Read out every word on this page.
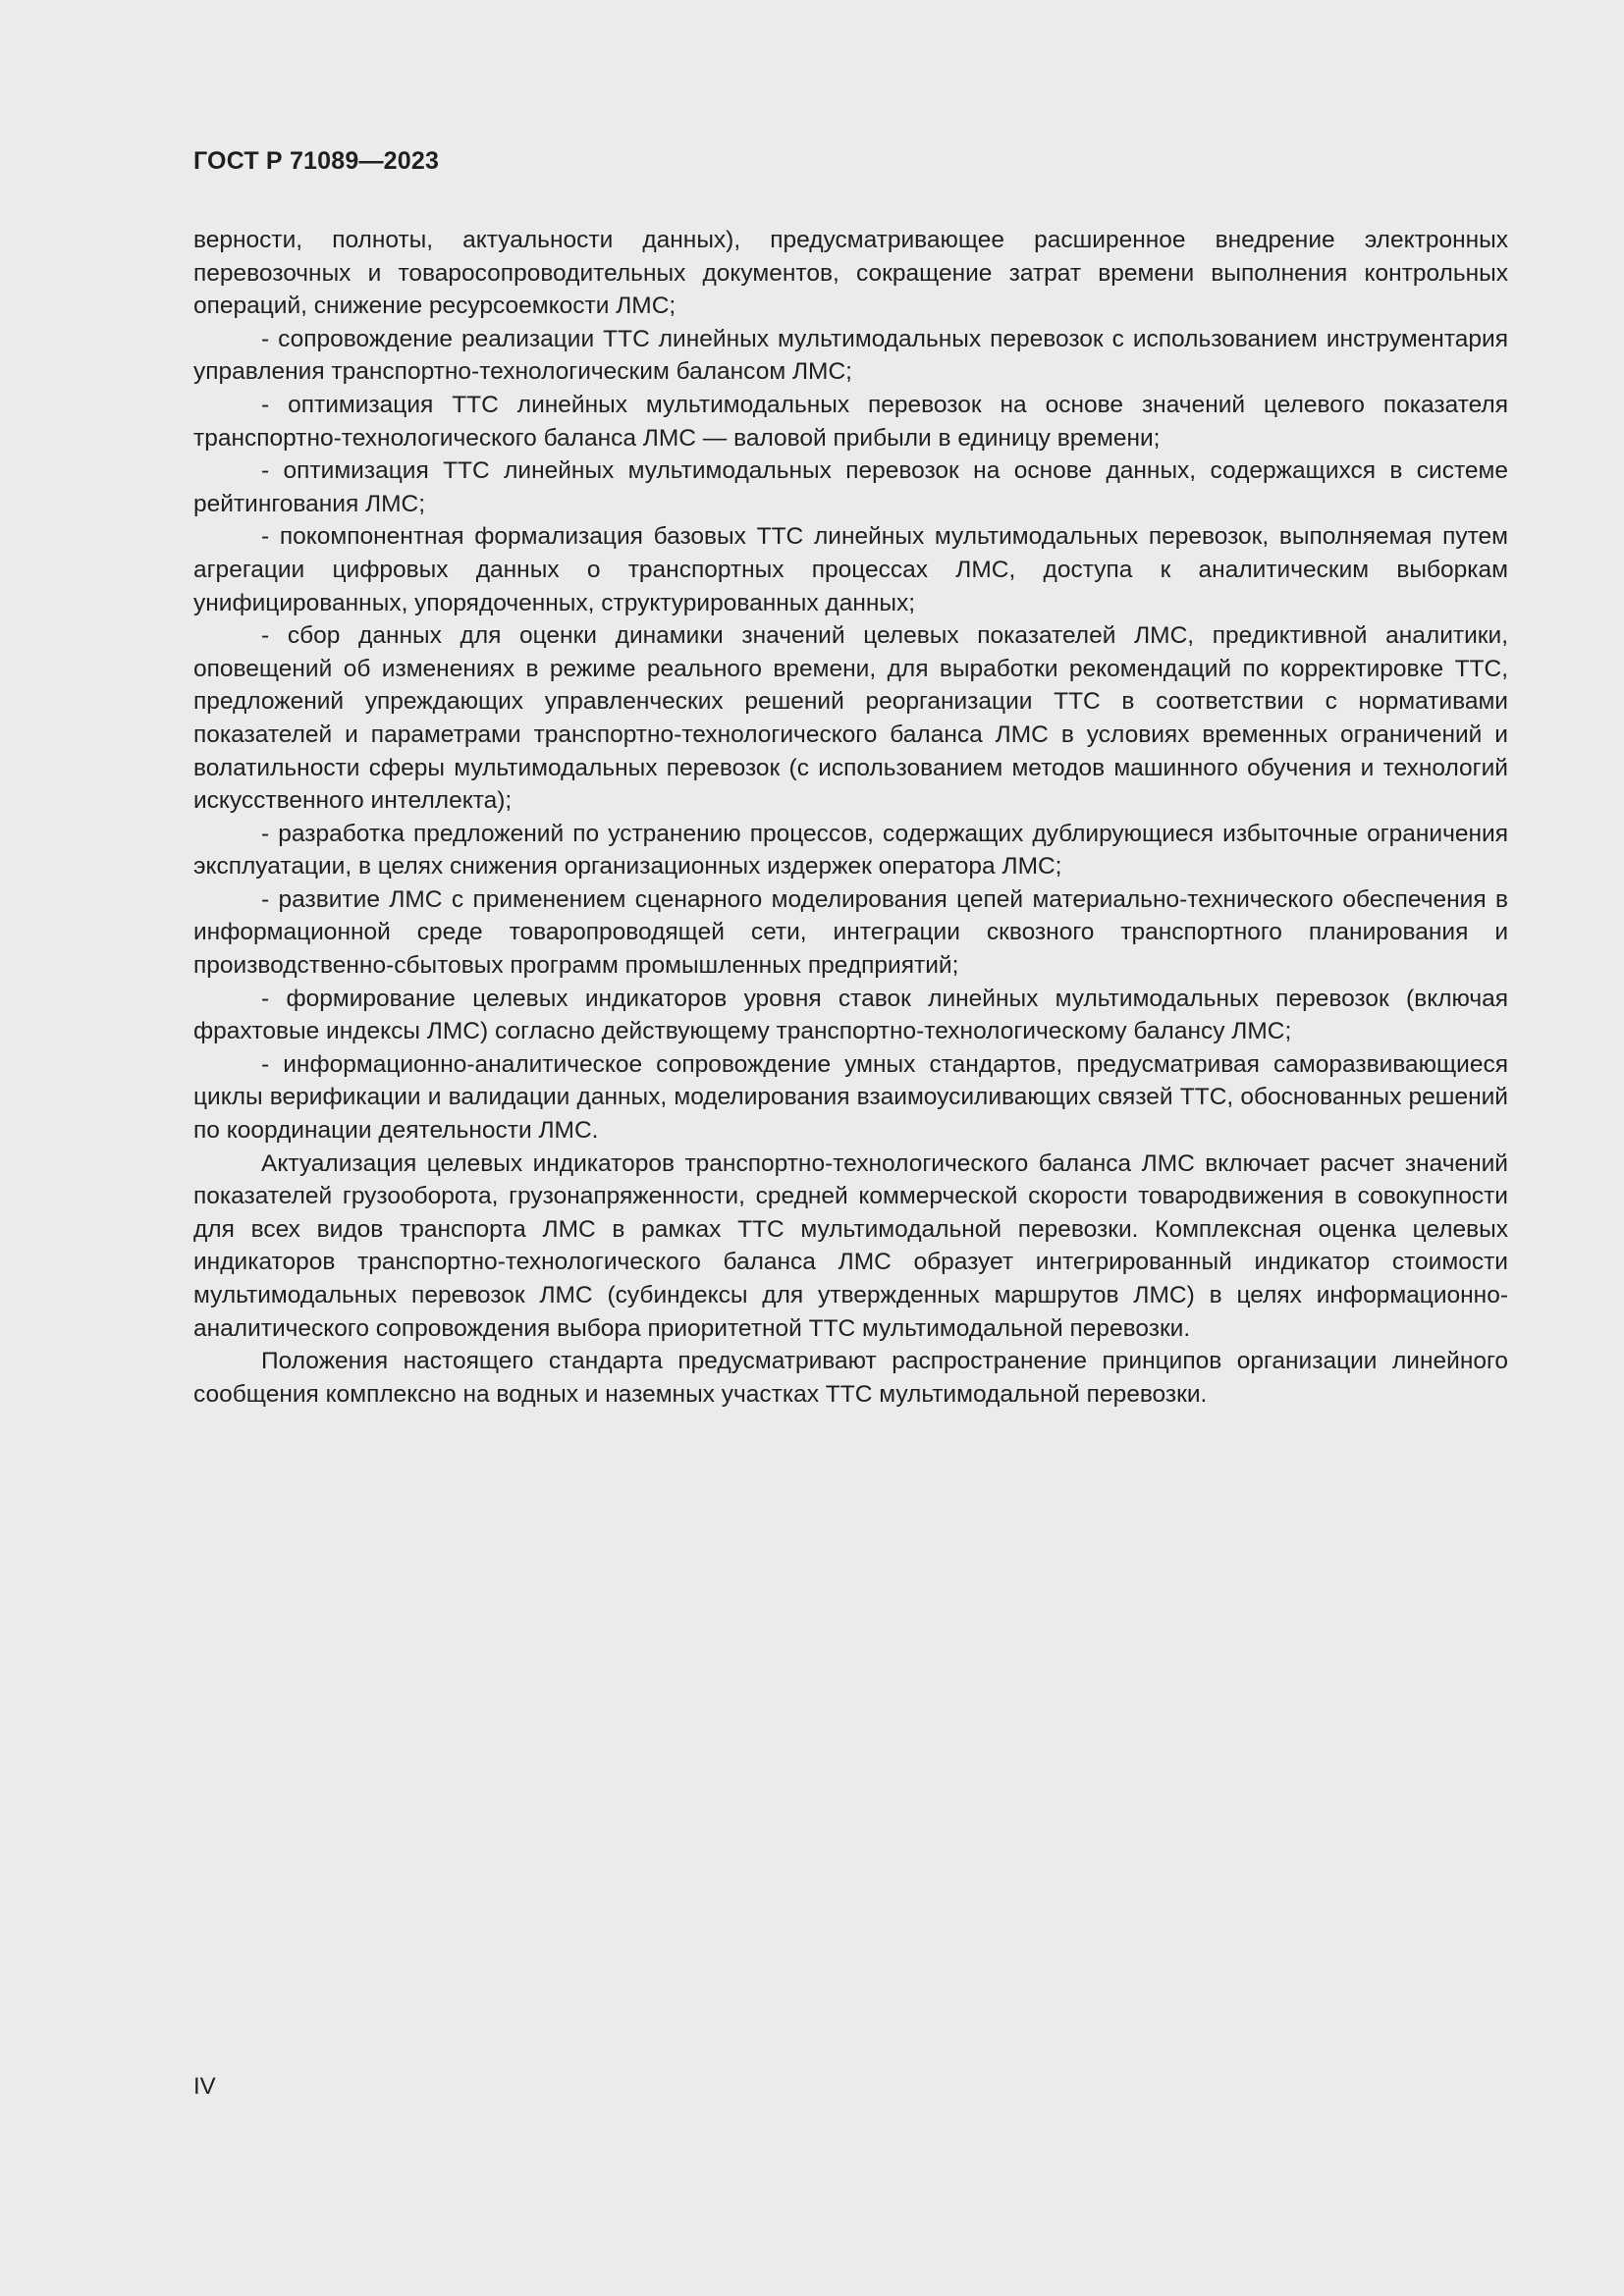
ГОСТ Р 71089—2023

верности, полноты, актуальности данных), предусматривающее расширенное внедрение электронных перевозочных и товаросопроводительных документов, сокращение затрат времени выполнения контрольных операций, снижение ресурсоемкости ЛМС;

- сопровождение реализации ТТС линейных мультимодальных перевозок с использованием инструментария управления транспортно-технологическим балансом ЛМС;

- оптимизация ТТС линейных мультимодальных перевозок на основе значений целевого показателя транспортно-технологического баланса ЛМС — валовой прибыли в единицу времени;

- оптимизация ТТС линейных мультимодальных перевозок на основе данных, содержащихся в системе рейтингования ЛМС;

- покомпонентная формализация базовых ТТС линейных мультимодальных перевозок, выполняемая путем агрегации цифровых данных о транспортных процессах ЛМС, доступа к аналитическим выборкам унифицированных, упорядоченных, структурированных данных;

- сбор данных для оценки динамики значений целевых показателей ЛМС, предиктивной аналитики, оповещений об изменениях в режиме реального времени, для выработки рекомендаций по корректировке ТТС, предложений упреждающих управленческих решений реорганизации ТТС в соответствии с нормативами показателей и параметрами транспортно-технологического баланса ЛМС в условиях временных ограничений и волатильности сферы мультимодальных перевозок (с использованием методов машинного обучения и технологий искусственного интеллекта);

- разработка предложений по устранению процессов, содержащих дублирующиеся избыточные ограничения эксплуатации, в целях снижения организационных издержек оператора ЛМС;

- развитие ЛМС с применением сценарного моделирования цепей материально-технического обеспечения в информационной среде товаропроводящей сети, интеграции сквозного транспортного планирования и производственно-сбытовых программ промышленных предприятий;

- формирование целевых индикаторов уровня ставок линейных мультимодальных перевозок (включая фрахтовые индексы ЛМС) согласно действующему транспортно-технологическому балансу ЛМС;

- информационно-аналитическое сопровождение умных стандартов, предусматривая саморазвивающиеся циклы верификации и валидации данных, моделирования взаимоусиливающих связей ТТС, обоснованных решений по координации деятельности ЛМС.

Актуализация целевых индикаторов транспортно-технологического баланса ЛМС включает расчет значений показателей грузооборота, грузонапряженности, средней коммерческой скорости товародвижения в совокупности для всех видов транспорта ЛМС в рамках ТТС мультимодальной перевозки. Комплексная оценка целевых индикаторов транспортно-технологического баланса ЛМС образует интегрированный индикатор стоимости мультимодальных перевозок ЛМС (субиндексы для утвержденных маршрутов ЛМС) в целях информационно-аналитического сопровождения выбора приоритетной ТТС мультимодальной перевозки.

Положения настоящего стандарта предусматривают распространение принципов организации линейного сообщения комплексно на водных и наземных участках ТТС мультимодальной перевозки.

IV
